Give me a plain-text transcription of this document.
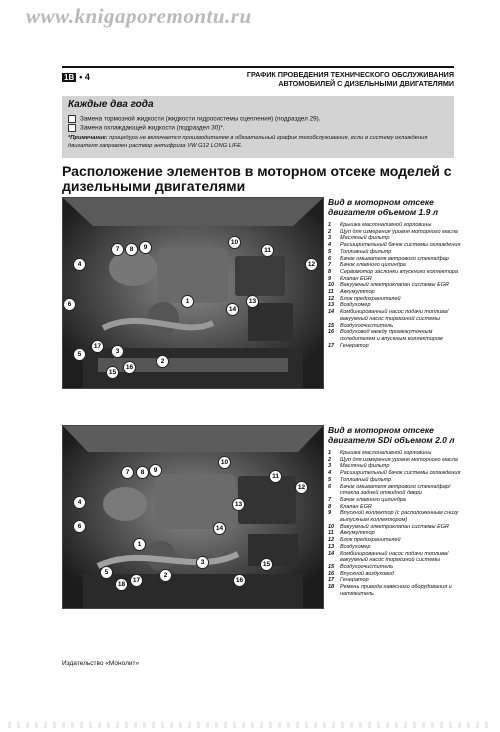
www.knigaporemontu.ru
1B • 4	ГРАФИК ПРОВЕДЕНИЯ ТЕХНИЧЕСКОГО ОБСЛУЖИВАНИЯ
АВТОМОБИЛЕЙ С ДИЗЕЛЬНЫМИ ДВИГАТЕЛЯМИ
Каждые два года
Замена тормозной жидкости (жидкости гидросистемы сцепления) (подраздел 29).
Замена охлаждающей жидкости (подраздел 30)*.
*Примечание: процедура не включается производителем в обязательный график техобслуживания, если в систему охлаждения двигателя заправлен раствор антифриза VW G12 LONG LIFE.
Расположение элементов в моторном отсеке моделей с дизельными двигателями
1
2
3
4
5
6
7	8	9
10
11
12
13
14
15
16
17
Вид в моторном отсеке двигателя объемом 1.9 л
1	Крышка маслоналивной горловины
2	Щуп для измерения уровня моторного масла
3	Масляный фильтр
4	Расширительный бачок системы охлаждения
5	Топливный фильтр
6	Бачок омывателя ветрового стекла/фар
7	Бачок главного цилиндра
8	Сервомотор заслонки впускного коллектора
9	Клапан EGR
10	Вакуумный электроклапан системы EGR
11	Аккумулятор
12	Блок предохранителей
13	Воздухомер
14	Комбинированный насос подачи топлива/вакуумный насос тормозной системы
15	Воздухоочиститель
16	Воздуховод между промежуточным охладителем и впускным коллектором
17	Генератор
1
2
3
4
5
6
7	8	9
10
11
12
13
14
15
16
17
18
Вид в моторном отсеке двигателя SDi объемом 2.0 л
1	Крышка маслоналивной горловины
2	Щуп для измерения уровня моторного масла
3	Масляный фильтр
4	Расширительный бачок системы охлаждения
5	Топливный фильтр
6	Бачок омывателя ветрового стекла/фар/стекла задней откидной двери
7	Бачок главного цилиндра
8	Клапан EGR
9	Впускной коллектор (с расположенным снизу выпускным коллектором)
10	Вакуумный электроклапан системы EGR
11	Аккумулятор
12	Блок предохранителей
13	Воздухомер
14	Комбинированный насос подачи топлива/вакуумный насос тормозной системы
15	Воздухоочиститель
16	Впускной воздуховод
17	Генератор
18	Ремень привода навесного оборудования и натяжитель
Издательство «Монолит»
